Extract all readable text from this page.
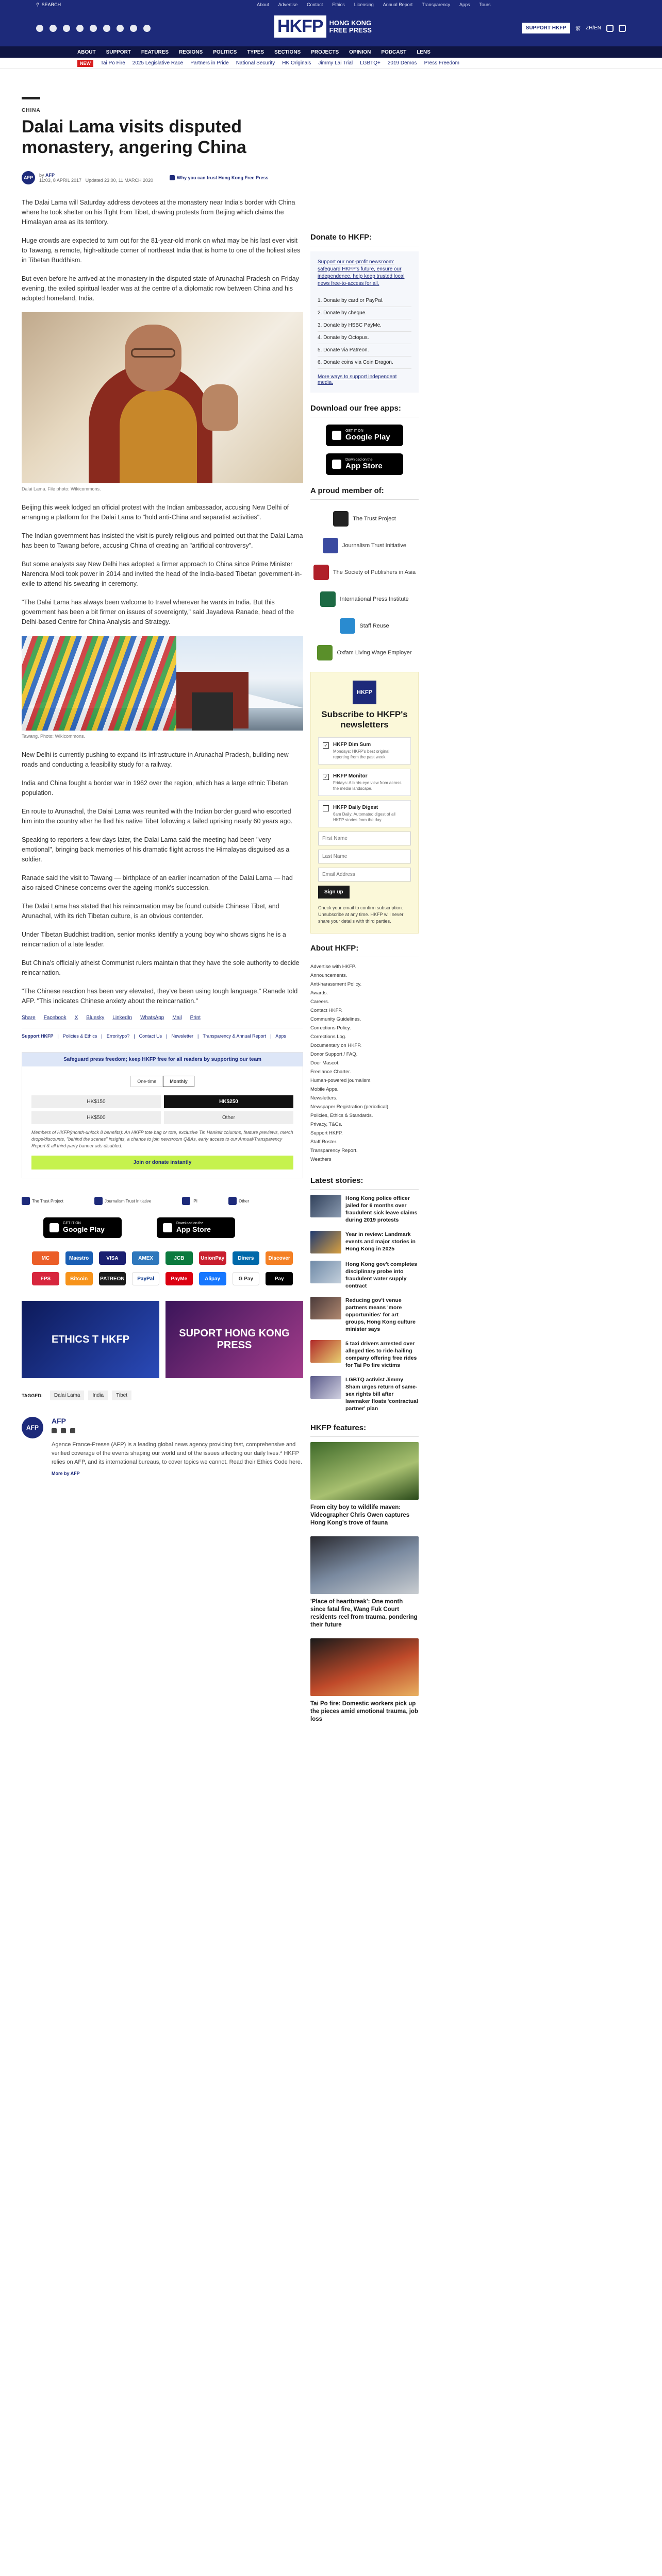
⚲ SEARCH	About Advertise Contact Ethics Licensing Annual Report Transparency Apps Tours
HKFP HONG KONG
FREE PRESS	SUPPORT HKFP	繁 ZH/EN
ABOUT SUPPORT FEATURES REGIONS POLITICS TYPES SECTIONS PROJECTS OPINION PODCAST LENS
NEW	Tai Po Fire 2025 Legislative Race Partners in Pride National Security HK Originals Jimmy Lai Trial LGBTQ+ 2019 Demos Press Freedom
CHINA
Dalai Lama visits disputed monastery, angering China
AFP	by AFP
11:03, 8 APRIL 2017 Updated 23:00, 11 MARCH 2020
Why you can trust Hong Kong Free Press

The Dalai Lama will Saturday address devotees at the monastery near India's border with China where he took shelter on his flight from Tibet, drawing protests from Beijing which claims the Himalayan area as its territory.

Huge crowds are expected to turn out for the 81-year-old monk on what may be his last ever visit to Tawang, a remote, high-altitude corner of northeast India that is home to one of the holiest sites in Tibetan Buddhism.

But even before he arrived at the monastery in the disputed state of Arunachal Pradesh on Friday evening, the exiled spiritual leader was at the centre of a diplomatic row between China and his adopted homeland, India.

Dalai Lama. File photo: Wikicommons.

Beijing this week lodged an official protest with the Indian ambassador, accusing New Delhi of arranging a platform for the Dalai Lama to "hold anti-China and separatist activities".

The Indian government has insisted the visit is purely religious and pointed out that the Dalai Lama has been to Tawang before, accusing China of creating an "artificial controversy".

But some analysts say New Delhi has adopted a firmer approach to China since Prime Minister Narendra Modi took power in 2014 and invited the head of the India-based Tibetan government-in-exile to attend his swearing-in ceremony.

"The Dalai Lama has always been welcome to travel wherever he wants in India. But this government has been a bit firmer on issues of sovereignty," said Jayadeva Ranade, head of the Delhi-based Centre for China Analysis and Strategy.

Tawang. Photo: Wikicommons.

New Delhi is currently pushing to expand its infrastructure in Arunachal Pradesh, building new roads and conducting a feasibility study for a railway.

India and China fought a border war in 1962 over the region, which has a large ethnic Tibetan population.

En route to Arunachal, the Dalai Lama was reunited with the Indian border guard who escorted him into the country after he fled his native Tibet following a failed uprising nearly 60 years ago.

Speaking to reporters a few days later, the Dalai Lama said the meeting had been "very emotional", bringing back memories of his dramatic flight across the Himalayas disguised as a soldier.

Ranade said the visit to Tawang — birthplace of an earlier incarnation of the Dalai Lama — had also raised Chinese concerns over the ageing monk's succession.

The Dalai Lama has stated that his reincarnation may be found outside Chinese Tibet, and Arunachal, with its rich Tibetan culture, is an obvious contender.

Under Tibetan Buddhist tradition, senior monks identify a young boy who shows signs he is a reincarnation of a late leader.

But China's officially atheist Communist rulers maintain that they have the sole authority to decide reincarnation.

"The Chinese reaction has been very elevated, they've been using tough language," Ranade told AFP. "This indicates Chinese anxiety about the reincarnation."

Share Facebook X Bluesky LinkedIn WhatsApp Mail Print
Support HKFP | Policies & Ethics | Error/typo? | Contact Us | Newsletter | Transparency & Annual Report | Apps
Safeguard press freedom; keep HKFP free for all readers by supporting our team
One-time	Monthly
HK$150	HK$250
HK$500	Other
Members of HKFP(month-unlock 8 benefits): An HKFP tote bag or tote, exclusive Tin Hankeit columns, feature previews, merch drops/discounts, "behind the scenes" insights, a chance to join newsroom Q&As, early access to our Annual/Transparency Report & all third-party banner ads disabled.
Join or donate instantly
The Trust Project	Journalism Trust Initiative	IPI	Other
GET IT ON
Google Play
Download on the
App Store
MC	Maestro	VISA	AMEX	JCB	UnionPay	Diners	Discover
FPS	Bitcoin	PATREON	PayPal	PayMe	Alipay	G Pay	Pay
ETHICS T HKFP
SUPORT HONG KONG PRESS
TAGGED:	Dalai Lama	India	Tibet
AFP
AFP

Agence France-Presse (AFP) is a leading global news agency providing fast, comprehensive and verified coverage of the events shaping our world and of the issues affecting our daily lives.* HKFP relies on AFP, and its international bureaus, to cover topics we cannot. Read their Ethics Code here.

More by AFP
Donate to HKFP:
Support our non-profit newsroom: safeguard HKFP's future, ensure our independence, help keep trusted local news free-to-access for all.
1. Donate by card or PayPal.
2. Donate by cheque.
3. Donate by HSBC PayMe.
4. Donate by Octopus.
5. Donate via Patreon.
6. Donate coins via Coin Dragon.
More ways to support independent media.
Download our free apps:
GET IT ON
Google Play
Download on the
App Store
A proud member of:
The Trust Project
Journalism Trust Initiative
The Society of Publishers in Asia
International Press Institute
Staff Reuse
Oxfam Living Wage Employer
HKFP
Subscribe to HKFP's newsletters
✓ HKFP Dim Sum
Mondays: HKFP's best original reporting from the past week.
✓ HKFP Monitor
Fridays: A birds-eye view from across the media landscape.
HKFP Daily Digest
6am Daily: Automated digest of all HKFP stories from the day.
First Name Last Name Email Address Sign up
Check your email to confirm subscription. Unsubscribe at any time. HKFP will never share your details with third parties.
About HKFP:
Advertise with HKFP.
Announcements.
Anti-harassment Policy.
Awards.
Careers.
Contact HKFP.
Community Guidelines.
Corrections Policy.
Corrections Log.
Documentary on HKFP.
Donor Support / FAQ.
Doer Mascot.
Freelance Charter.
Human-powered journalism.
Mobile Apps.
Newsletters.
Newspaper Registration (periodical).
Policies, Ethics & Standards.
Privacy, T&Cs.
Support HKFP.
Staff Roster.
Transparency Report.
Weathers
Latest stories:
Hong Kong police officer jailed for 6 months over fraudulent sick leave claims during 2019 protests
Year in review: Landmark events and major stories in Hong Kong in 2025
Hong Kong gov't completes disciplinary probe into fraudulent water supply contract
Reducing gov't venue partners means 'more opportunities' for art groups, Hong Kong culture minister says
5 taxi drivers arrested over alleged ties to ride-hailing company offering free rides for Tai Po fire victims
LGBTQ activist Jimmy Sham urges return of same-sex rights bill after lawmaker floats 'contractual partner' plan
HKFP features:
From city boy to wildlife maven: Videographer Chris Owen captures Hong Kong's trove of fauna
'Place of heartbreak': One month since fatal fire, Wang Fuk Court residents reel from trauma, pondering their future
Tai Po fire: Domestic workers pick up the pieces amid emotional trauma, job loss
